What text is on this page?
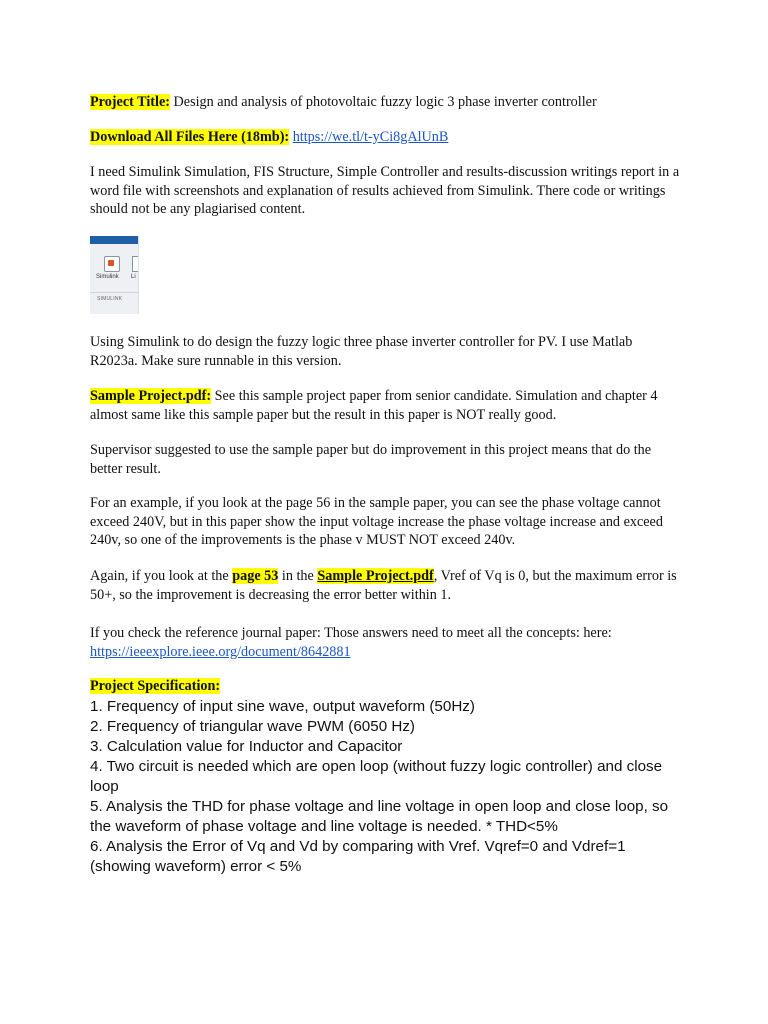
Project Title: Design and analysis of photovoltaic fuzzy logic 3 phase inverter controller

Download All Files Here (18mb): https://we.tl/t-yCi8gAlUnB

I need Simulink Simulation, FIS Structure, Simple Controller and results-discussion writings report in a word file with screenshots and explanation of results achieved from Simulink. There code or writings should not be any plagiarised content.

Simulink Li
SIMULINK

Using Simulink to do design the fuzzy logic three phase inverter controller for PV. I use Matlab R2023a. Make sure runnable in this version.

Sample Project.pdf: See this sample project paper from senior candidate. Simulation and chapter 4 almost same like this sample paper but the result in this paper is NOT really good.

Supervisor suggested to use the sample paper but do improvement in this project means that do the better result.

For an example, if you look at the page 56 in the sample paper, you can see the phase voltage cannot exceed 240V, but in this paper show the input voltage increase the phase voltage increase and exceed 240v, so one of the improvements is the phase v MUST NOT exceed 240v.

Again, if you look at the page 53 in the Sample Project.pdf, Vref of Vq is 0, but the maximum error is 50+, so the improvement is decreasing the error better within 1.

If you check the reference journal paper: Those answers need to meet all the concepts: here: https://ieeexplore.ieee.org/document/8642881

Project Specification:

1. Frequency of input sine wave, output waveform (50Hz)

2. Frequency of triangular wave PWM (6050 Hz)

3. Calculation value for Inductor and Capacitor

4. Two circuit is needed which are open loop (without fuzzy logic controller) and close loop

5. Analysis the THD for phase voltage and line voltage in open loop and close loop, so the waveform of phase voltage and line voltage is needed. * THD<5%

6. Analysis the Error of Vq and Vd by comparing with Vref. Vqref=0 and Vdref=1 (showing waveform) error < 5%
